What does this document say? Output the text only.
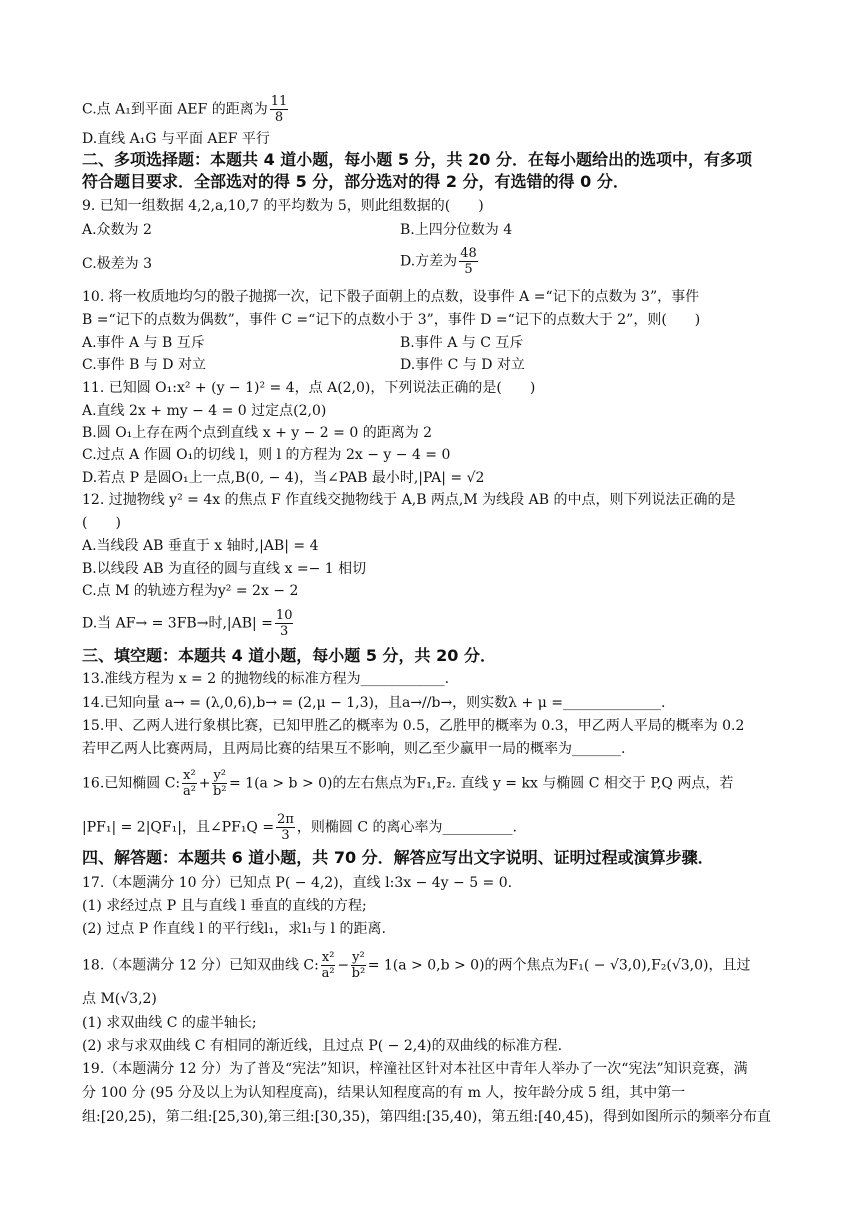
C.点 A₁到平面 AEF 的距离为 $\frac{11}{8}$
D.直线 A₁G 与平面 AEF 平行
二、多项选择题：本题共 4 道小题，每小题 5 分，共 20 分．在每小题给出的选项中，有多项
符合题目要求．全部选对的得 5 分，部分选对的得 2 分，有选错的得 0 分．
9. 已知一组数据 4,2,a,10,7 的平均数为 5，则此组数据的(　　)
A.众数为 2	B.上四分位数为 4
C.极差为 3	D.方差为 $\frac{48}{5}$
10. 将一枚质地均匀的骰子抛掷一次，记下骰子面朝上的点数，设事件 A =“记下的点数为 3”，事件
B =“记下的点数为偶数”，事件 C =“记下的点数小于 3”，事件 D =“记下的点数大于 2”，则(　　)
A.事件 A 与 B 互斥	B.事件 A 与 C 互斥
C.事件 B 与 D 对立	D.事件 C 与 D 对立
11. 已知圆 O₁:x² + (y − 1)² = 4，点 A(2,0)，下列说法正确的是(　　)
A.直线 2x + my − 4 = 0 过定点(2,0)
B.圆 O₁上存在两个点到直线 x + y − 2 = 0 的距离为 2
C.过点 A 作圆 O₁的切线 l，则 l 的方程为 2x − y − 4 = 0
D.若点 P 是圆O₁上一点,B(0, − 4)，当∠PAB 最小时,|PA| = √2
12. 过抛物线 y² = 4x 的焦点 F 作直线交抛物线于 A,B 两点,M 为线段 AB 的中点，则下列说法正确的是
(　　)
A.当线段 AB 垂直于 x 轴时,|AB| = 4
B.以线段 AB 为直径的圆与直线 x =− 1 相切
C.点 M 的轨迹方程为y² = 2x − 2
D.当 AF→ = 3FB→时$,|AB| = \frac{10}{3}$
三、填空题：本题共 4 道小题，每小题 5 分，共 20 分．
13.准线方程为 x = 2 的抛物线的标准方程为____________.
14.已知向量 a→ = (λ,0,6),b→ = (2,μ − 1,3)，且a→//b→，则实数λ + μ =______________.
15.甲、乙两人进行象棋比赛，已知甲胜乙的概率为 0.5，乙胜甲的概率为 0.3，甲乙两人平局的概率为 0.2
若甲乙两人比赛两局，且两局比赛的结果互不影响，则乙至少赢甲一局的概率为_______.
16.已知椭圆 C: $\frac{\text{x²}}{\text{a²}} + \frac{\text{y²}}{\text{b²}} = 1(a > b > 0)$的左右焦点为F₁,F₂. 直线 y = kx 与椭圆 C 相交于 P,Q 两点，若
|PF₁| = 2|QF₁|，且∠PF₁Q = $\frac{2\pi}{3}$ ，则椭圆 C 的离心率为__________.
四、解答题：本题共 6 道小题，共 70 分．解答应写出文字说明、证明过程或演算步骤．
17.（本题满分 10 分）已知点 P( − 4,2)，直线 l:3x − 4y − 5 = 0.
(1) 求经过点 P 且与直线 l 垂直的直线的方程;
(2) 过点 P 作直线 l 的平行线l₁，求l₁与 l 的距离.
18.（本题满分 12 分）已知双曲线 C: $\frac{\text{x²}}{\text{a²}} - \frac{\text{y²}}{\text{b²}} = 1(a > 0,b > 0)$的两个焦点为F₁( − √3,0),F₂(√3,0)，且过
点 M(√3,2)
(1) 求双曲线 C 的虚半轴长;
(2) 求与求双曲线 C 有相同的渐近线，且过点 P( − 2,4)的双曲线的标准方程.
19.（本题满分 12 分）为了普及“宪法”知识，梓潼社区针对本社区中青年人举办了一次“宪法”知识竞赛，满
分 100 分 (95 分及以上为认知程度高)，结果认知程度高的有 m 人，按年龄分成 5 组，其中第一
组:[20,25)，第二组:[25,30),第三组:[30,35)，第四组:[35,40)，第五组:[40,45)，得到如图所示的频率分布直
